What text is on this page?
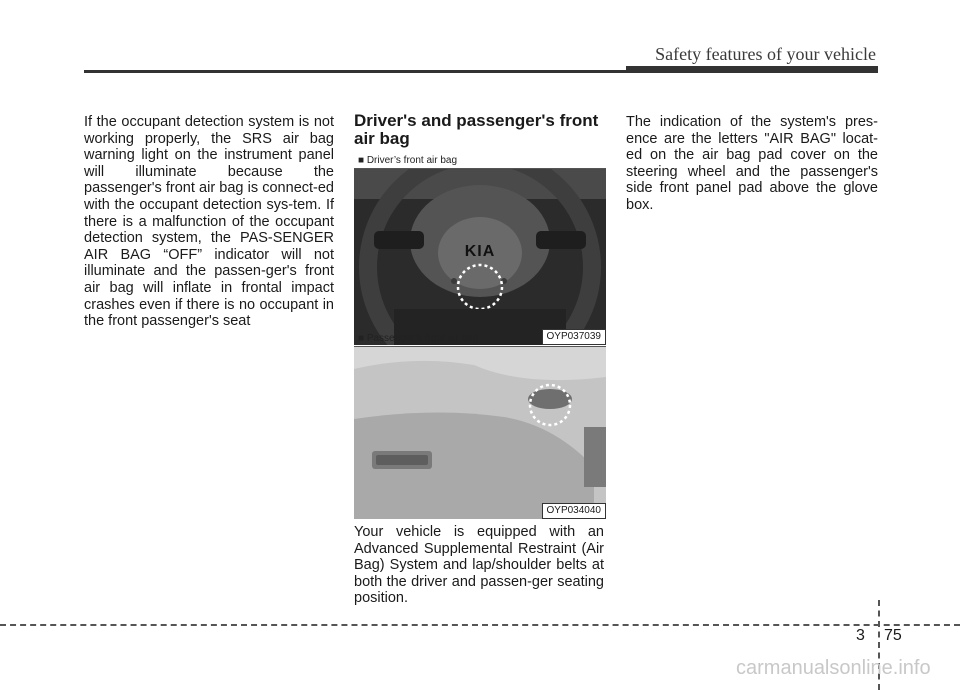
Safety features of your vehicle
If the occupant detection system is not working properly, the SRS air bag warning light on the instrument panel will illuminate because the passenger's front air bag is connect-ed with the occupant detection sys-tem. If there is a malfunction of the occupant detection system, the PAS-SENGER AIR BAG “OFF” indicator will not illuminate and the passen-ger's front air bag will inflate in frontal impact crashes even if there is no occupant in the front passenger's seat
Driver's and passenger's front air bag
■ Driver’s front air bag
KIA
OYP037039
■ Passenger’s front air bag
OYP034040
Your vehicle is equipped with an Advanced Supplemental Restraint (Air Bag) System and lap/shoulder belts at both the driver and passen-ger seating position.
The indication of the system's pres-ence are the letters "AIR BAG" locat-ed on the air bag pad cover on the steering wheel and the passenger's side front panel pad above the glove box.
3 75
carmanualsonline.info
